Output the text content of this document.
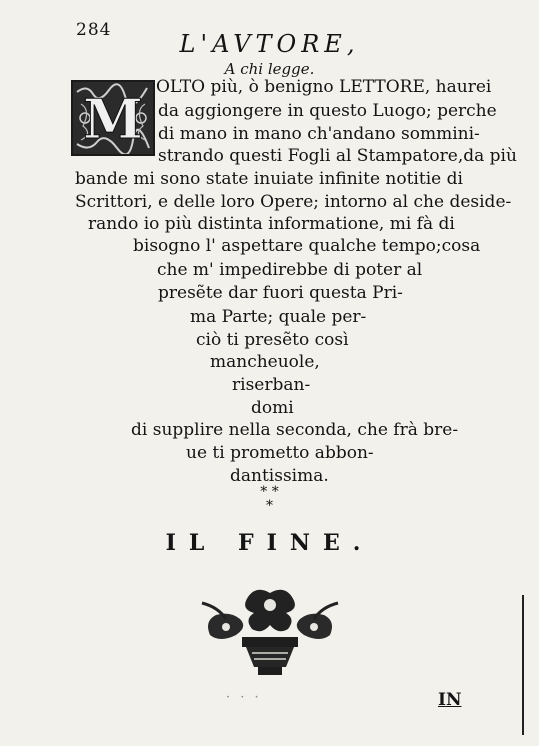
284	L'AVTORE,
A chi legge.
M OLTO più, ò benigno LETTORE, haurei
da aggiongere in questo Luogo; perche
di mano in mano ch'andano sommini-
strando questi Fogli al Stampatore,da più
bande mi sono state inuiate infinite notitie di
Scrittori, e delle loro Opere; intorno al che deside-
rando io più distinta informatione, mi fà di
bisogno l' aspettare qualche tempo;cosa
che m' impedirebbe di poter al
presẽte dar fuori questa Pri-
ma Parte; quale per-
ciò ti presẽto così
mancheuole,
riserban-
domi
di supplire nella seconda, che frà bre-
ue ti prometto abbon-
dantissima.
* *
*
IL FINE.
· · ·	IN
